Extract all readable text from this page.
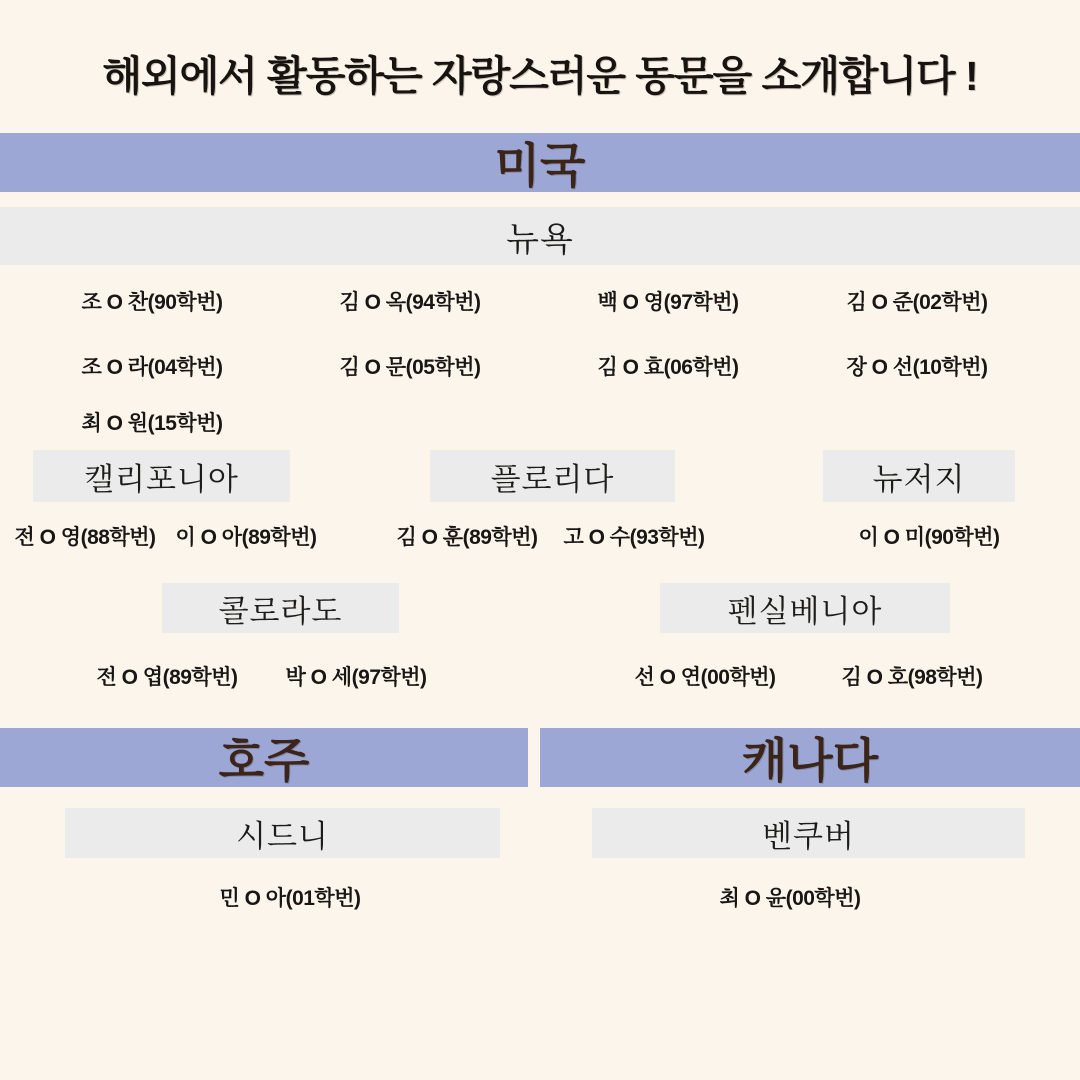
해외에서 활동하는 자랑스러운 동문을 소개합니다 !
미국
뉴욕
조 O 찬(90학번)	김 O 옥(94학번)	백 O 영(97학번)	김 O 준(02학번)
조 O 라(04학번)	김 O 문(05학번)	김 O 효(06학번)	장 O 선(10학번)
최 O 원(15학번)
캘리포니아	플로리다	뉴저지
전 O 영(88학번) 이 O 아(89학번)	김 O 훈(89학번) 고 O 수(93학번)	이 O 미(90학번)
콜로라도	펜실베니아
전 O 엽(89학번) 박 O 세(97학번)	선 O 연(00학번)	김 O 호(98학번)
호주	캐나다
시드니	벤쿠버
민 O 아(01학번)	최 O 윤(00학번)
